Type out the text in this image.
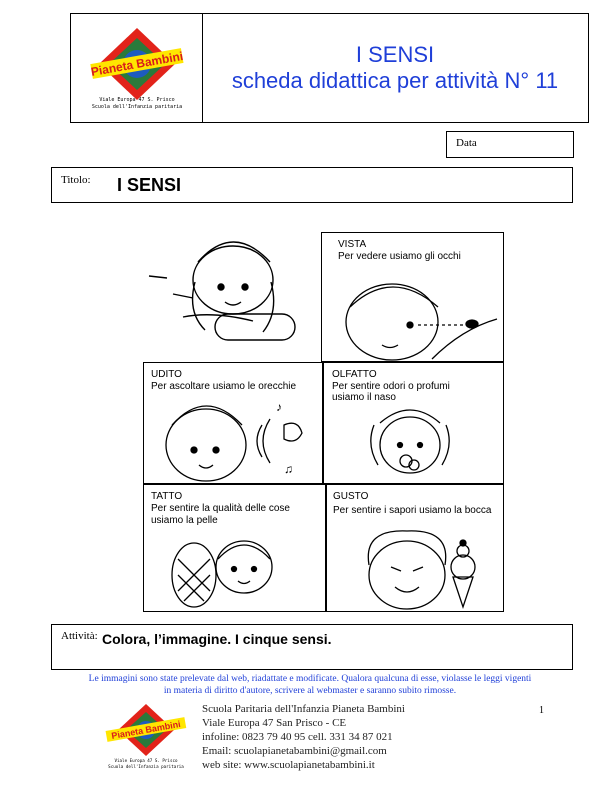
Pianeta Bambini
Viale Europa 47 S. Prisco
Scuola dell'Infanzia paritaria
I SENSI
scheda didattica per attività N° 11
Data
Titolo: I SENSI
VISTA
Per vedere usiamo gli occhi
UDITO
Per ascoltare usiamo le orecchie
♪
♫
OLFATTO
Per sentire odori o profumi usiamo il naso
TATTO
Per sentire la qualità delle cose usiamo la pelle
GUSTO
Per sentire i sapori usiamo la bocca
Attività: Colora, l’immagine. I cinque sensi.
Le immagini sono state prelevate dal web, riadattate e modificate. Qualora qualcuna di esse, violasse le leggi vigenti
in materia di diritto d'autore, scrivere al webmaster e saranno subito rimosse.
Pianeta Bambini
Viale Europa 47 S. Prisco
Scuola dell'Infanzia paritaria
Scuola Paritaria dell'Infanzia Pianeta Bambini
Viale Europa 47 San Prisco - CE
infoline: 0823 79 40 95 cell. 331 34 87 021
Email: scuolapianetabambini@gmail.com
web site: www.scuolapianetabambini.it
1
